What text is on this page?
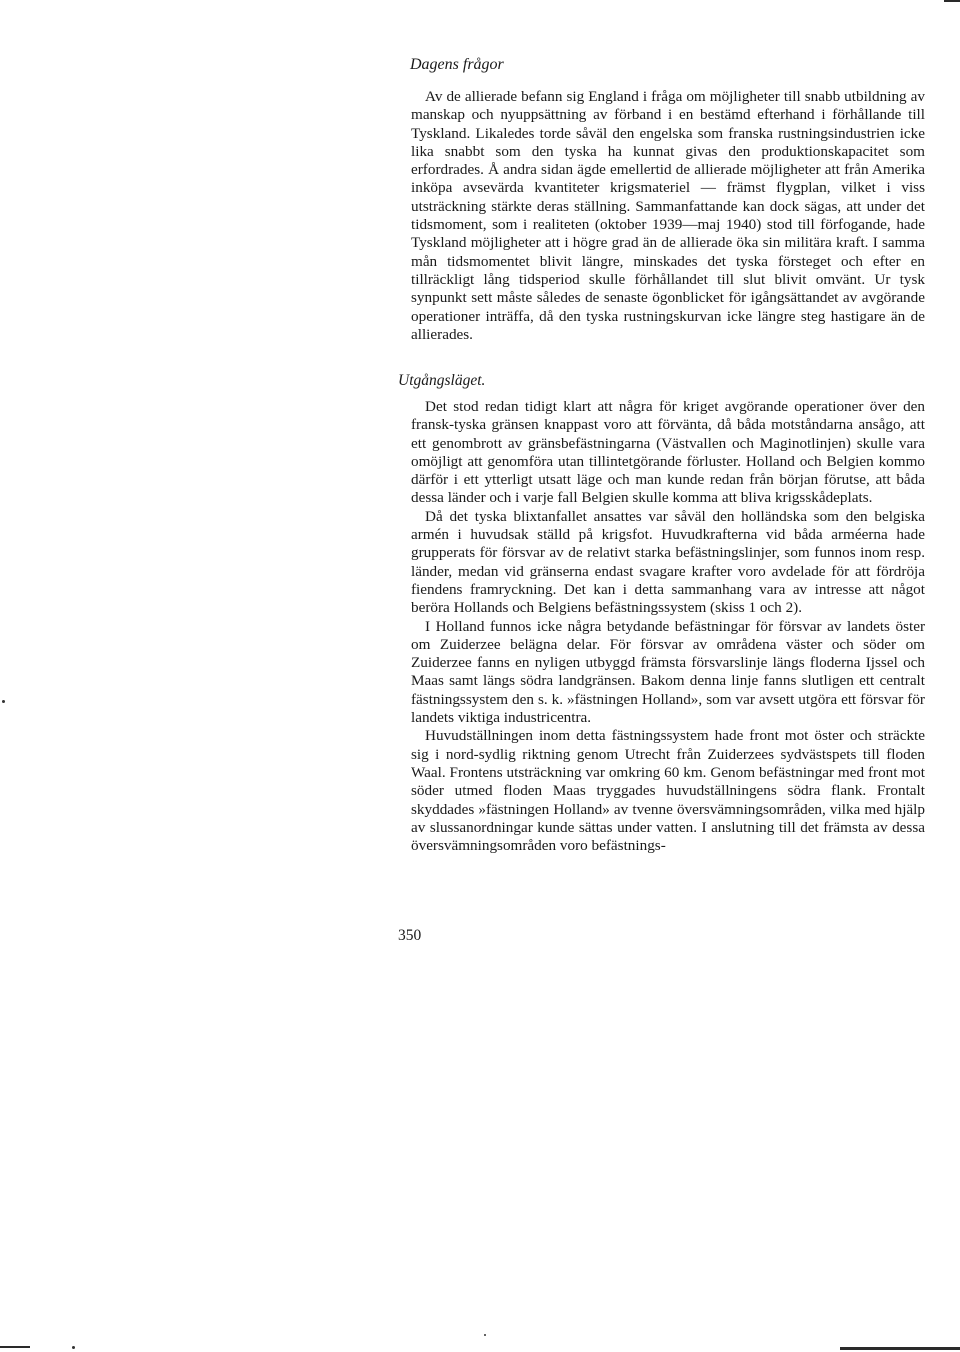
Dagens frågor

Av de allierade befann sig England i fråga om möjligheter till snabb utbildning av manskap och nyuppsättning av förband i en bestämd efterhand i förhållande till Tyskland. Likaledes torde såväl den engelska som franska rustningsindustrien icke lika snabbt som den tyska ha kunnat givas den produktionskapacitet som erfordrades. Å andra sidan ägde emellertid de allierade möjligheter att från Amerika inköpa avsevärda kvantiteter krigsmateriel — främst flygplan, vilket i viss utsträckning stärkte deras ställning. Sammanfattande kan dock sägas, att under det tidsmoment, som i realiteten (oktober 1939—maj 1940) stod till förfogande, hade Tyskland möjligheter att i högre grad än de allierade öka sin militära kraft. I samma mån tidsmomentet blivit längre, minskades det tyska försteget och efter en tillräckligt lång tidsperiod skulle förhållandet till slut blivit omvänt. Ur tysk synpunkt sett måste således de senaste ögonblicket för igångsättandet av avgörande operationer inträffa, då den tyska rustningskurvan icke längre steg hastigare än de allierades.

Utgångsläget.

Det stod redan tidigt klart att några för kriget avgörande operationer över den fransk-tyska gränsen knappast voro att förvänta, då båda motståndarna ansågo, att ett genombrott av gränsbefästningarna (Västvallen och Maginotlinjen) skulle vara omöjligt att genomföra utan tillintetgörande förluster. Holland och Belgien kommo därför i ett ytterligt utsatt läge och man kunde redan från början förutse, att båda dessa länder och i varje fall Belgien skulle komma att bliva krigsskådeplats.

Då det tyska blixtanfallet ansattes var såväl den holländska som den belgiska armén i huvudsak ställd på krigsfot. Huvudkrafterna vid båda arméerna hade grupperats för försvar av de relativt starka befästningslinjer, som funnos inom resp. länder, medan vid gränserna endast svagare krafter voro avdelade för att fördröja fiendens framryckning. Det kan i detta sammanhang vara av intresse att något beröra Hollands och Belgiens befästningssystem (skiss 1 och 2).

I Holland funnos icke några betydande befästningar för försvar av landets öster om Zuiderzee belägna delar. För försvar av områdena väster och söder om Zuiderzee fanns en nyligen utbyggd främsta försvarslinje längs floderna Ijssel och Maas samt längs södra landgränsen. Bakom denna linje fanns slutligen ett centralt fästningssystem den s. k. »fästningen Holland», som var avsett utgöra ett försvar för landets viktiga industricentra.

Huvudställningen inom detta fästningssystem hade front mot öster och sträckte sig i nord-sydlig riktning genom Utrecht från Zuiderzees sydvästspets till floden Waal. Frontens utsträckning var omkring 60 km. Genom befästningar med front mot söder utmed floden Maas tryggades huvudställningens södra flank. Frontalt skyddades »fästningen Holland» av tvenne översvämningsområden, vilka med hjälp av slussanordningar kunde sättas under vatten. I anslutning till det främsta av dessa översvämningsområden voro befästnings-

350
